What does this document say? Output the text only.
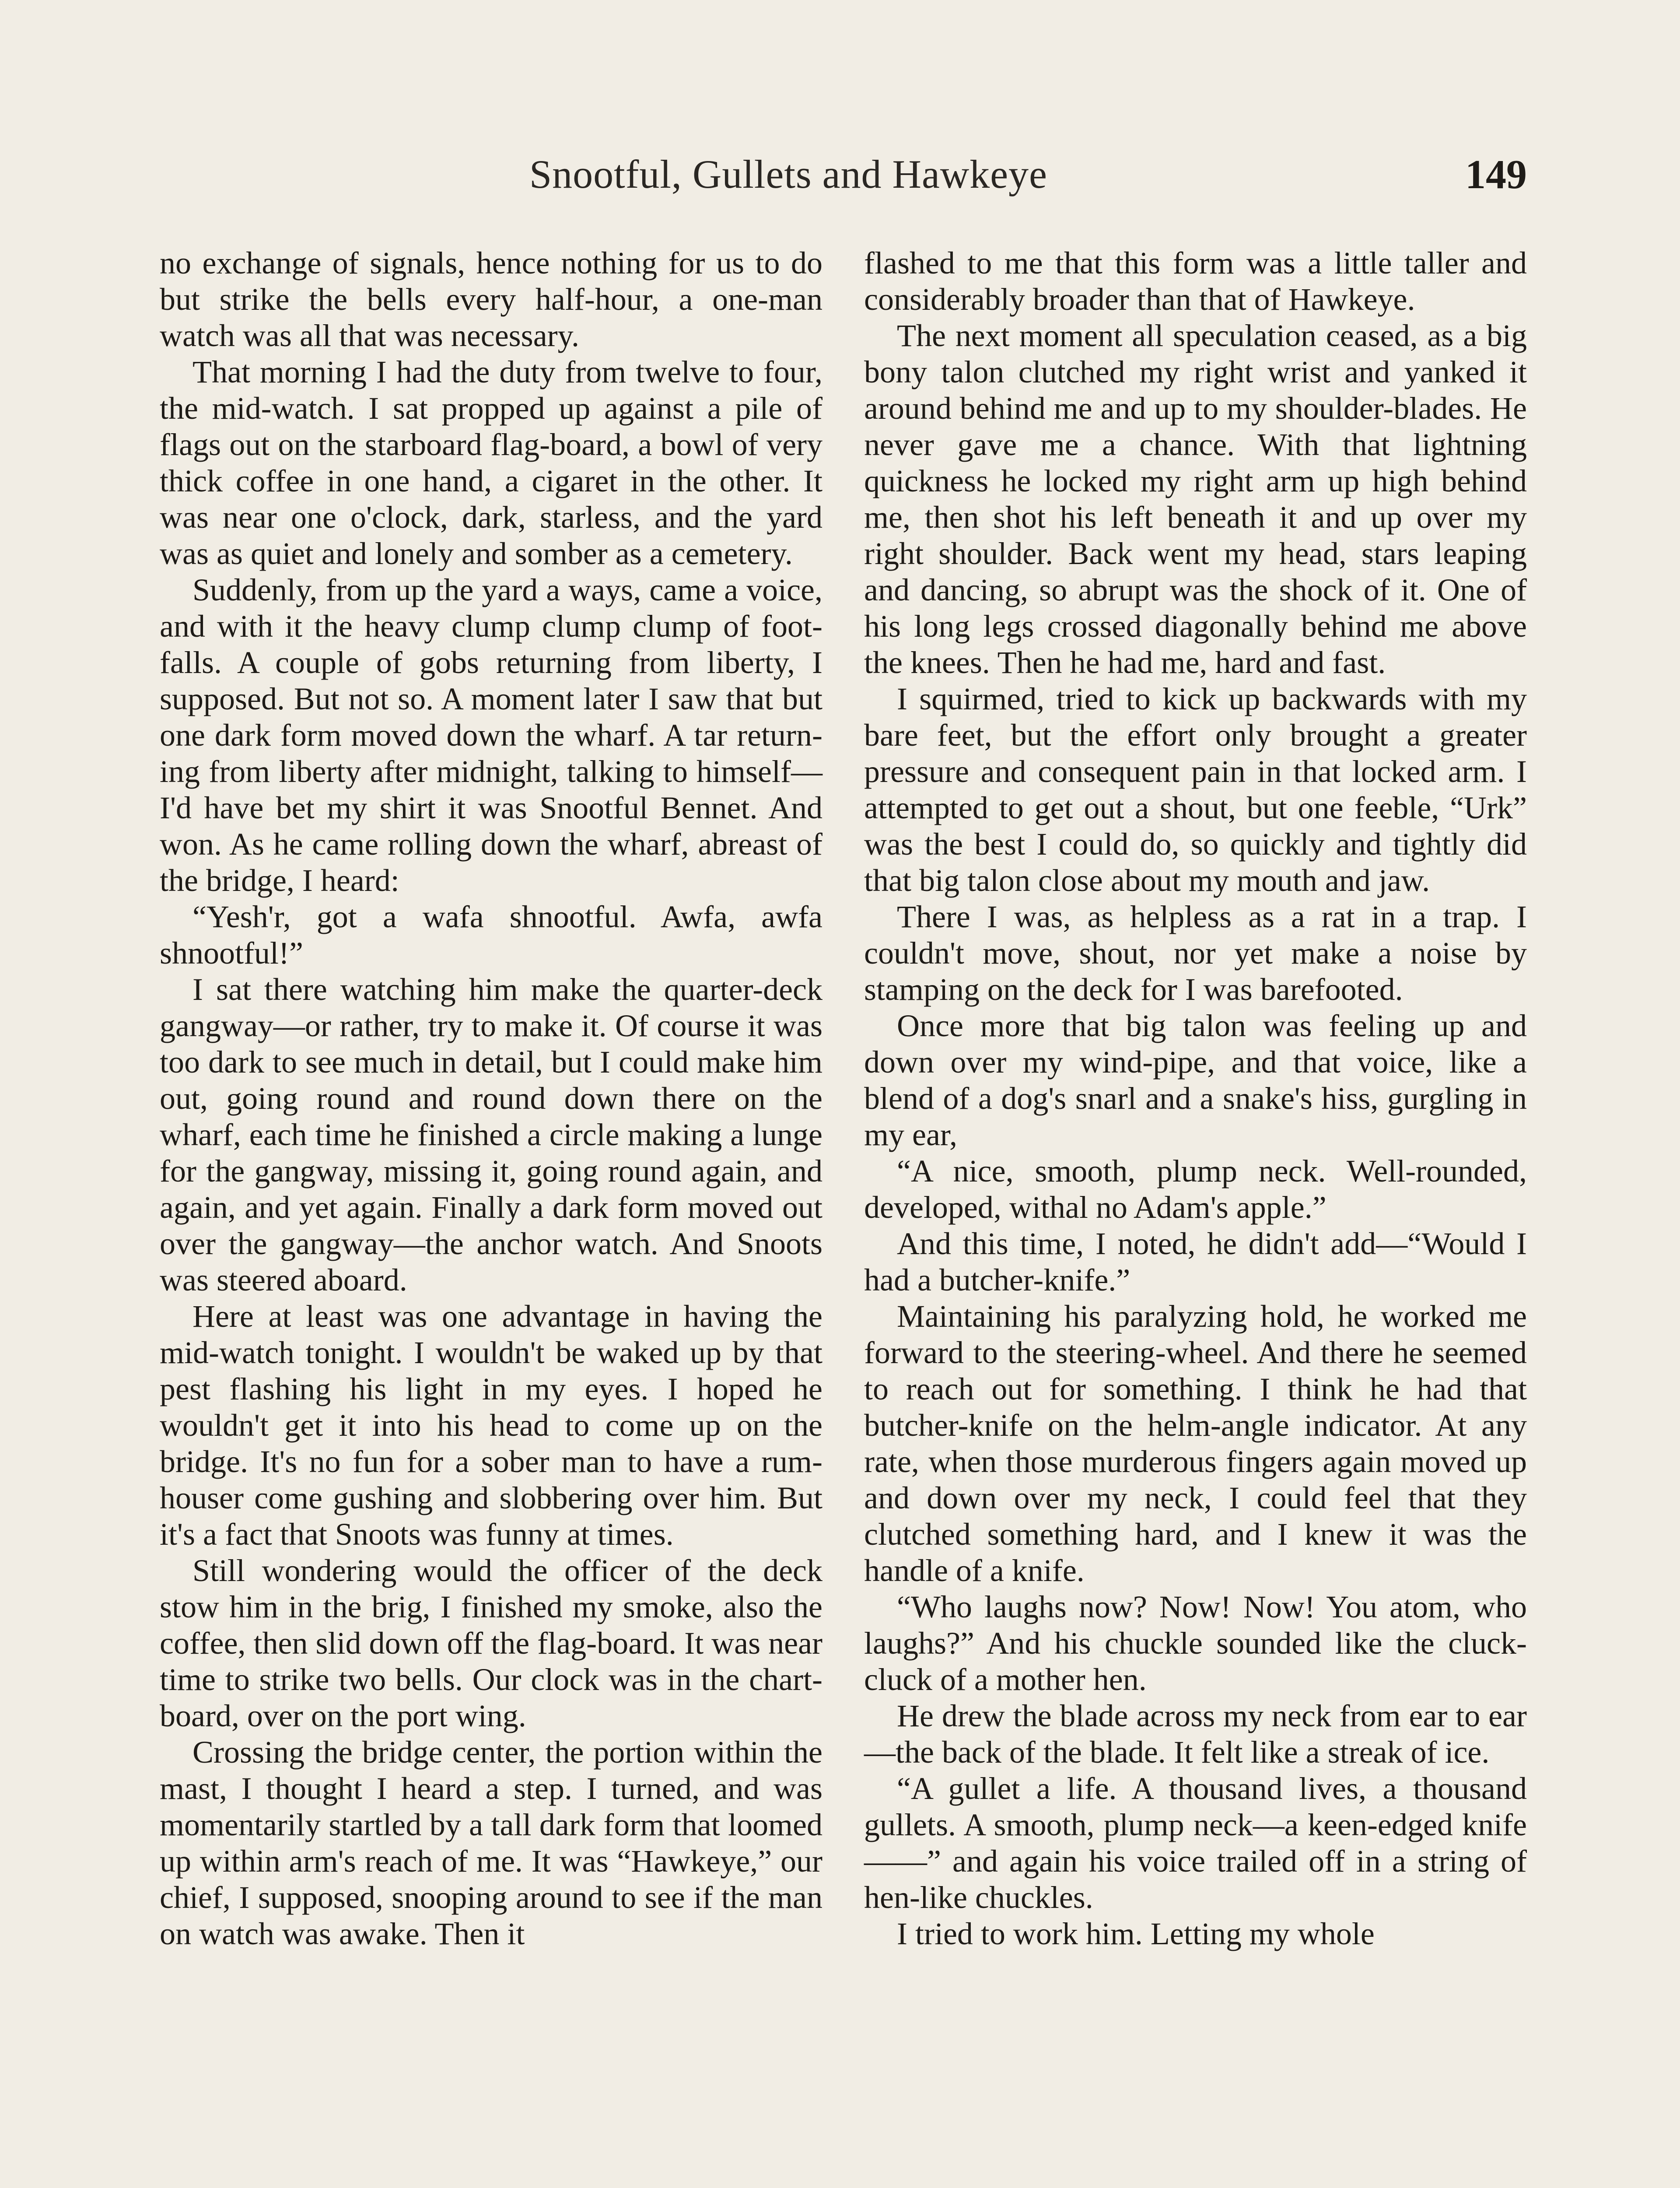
Snootful, Gullets and Hawkeye	149

no exchange of signals, hence nothing for us to do but strike the bells every half-hour, a one-man watch was all that was necessary.

That morning I had the duty from twelve to four, the mid-watch. I sat propped up against a pile of flags out on the starboard flag-board, a bowl of very thick coffee in one hand, a cigaret in the other. It was near one o'clock, dark, starless, and the yard was as quiet and lonely and somber as a cemetery.

Suddenly, from up the yard a ways, came a voice, and with it the heavy clump clump clump of foot-falls. A couple of gobs returning from liberty, I supposed. But not so. A moment later I saw that but one dark form moved down the wharf. A tar returning from liberty after midnight, talking to himself—I'd have bet my shirt it was Snootful Bennet. And won. As he came rolling down the wharf, abreast of the bridge, I heard:

“Yesh'r, got a wafa shnootful. Awfa, awfa shnootful!”

I sat there watching him make the quarter-deck gangway—or rather, try to make it. Of course it was too dark to see much in detail, but I could make him out, going round and round down there on the wharf, each time he finished a circle making a lunge for the gangway, missing it, going round again, and again, and yet again. Finally a dark form moved out over the gangway—the anchor watch. And Snoots was steered aboard.

Here at least was one advantage in having the mid-watch tonight. I wouldn't be waked up by that pest flashing his light in my eyes. I hoped he wouldn't get it into his head to come up on the bridge. It's no fun for a sober man to have a rum-houser come gushing and slobbering over him. But it's a fact that Snoots was funny at times.

Still wondering would the officer of the deck stow him in the brig, I finished my smoke, also the coffee, then slid down off the flag-board. It was near time to strike two bells. Our clock was in the chartboard, over on the port wing.

Crossing the bridge center, the portion within the mast, I thought I heard a step. I turned, and was momentarily startled by a tall dark form that loomed up within arm's reach of me. It was “Hawkeye,” our chief, I supposed, snooping around to see if the man on watch was awake. Then it

flashed to me that this form was a little taller and considerably broader than that of Hawkeye.

The next moment all speculation ceased, as a big bony talon clutched my right wrist and yanked it around behind me and up to my shoulder-blades. He never gave me a chance. With that lightning quickness he locked my right arm up high behind me, then shot his left beneath it and up over my right shoulder. Back went my head, stars leaping and dancing, so abrupt was the shock of it. One of his long legs crossed diagonally behind me above the knees. Then he had me, hard and fast.

I squirmed, tried to kick up backwards with my bare feet, but the effort only brought a greater pressure and consequent pain in that locked arm. I attempted to get out a shout, but one feeble, “Urk” was the best I could do, so quickly and tightly did that big talon close about my mouth and jaw.

There I was, as helpless as a rat in a trap. I couldn't move, shout, nor yet make a noise by stamping on the deck for I was barefooted.

Once more that big talon was feeling up and down over my wind-pipe, and that voice, like a blend of a dog's snarl and a snake's hiss, gurgling in my ear,

“A nice, smooth, plump neck. Well-rounded, developed, withal no Adam's apple.”

And this time, I noted, he didn't add—“Would I had a butcher-knife.”

Maintaining his paralyzing hold, he worked me forward to the steering-wheel. And there he seemed to reach out for something. I think he had that butcher-knife on the helm-angle indicator. At any rate, when those murderous fingers again moved up and down over my neck, I could feel that they clutched something hard, and I knew it was the handle of a knife.

“Who laughs now? Now! Now! You atom, who laughs?” And his chuckle sounded like the cluck-cluck of a mother hen.

He drew the blade across my neck from ear to ear—the back of the blade. It felt like a streak of ice.

“A gullet a life. A thousand lives, a thousand gullets. A smooth, plump neck—a keen-edged knife——” and again his voice trailed off in a string of hen-like chuckles.

I tried to work him. Letting my whole
